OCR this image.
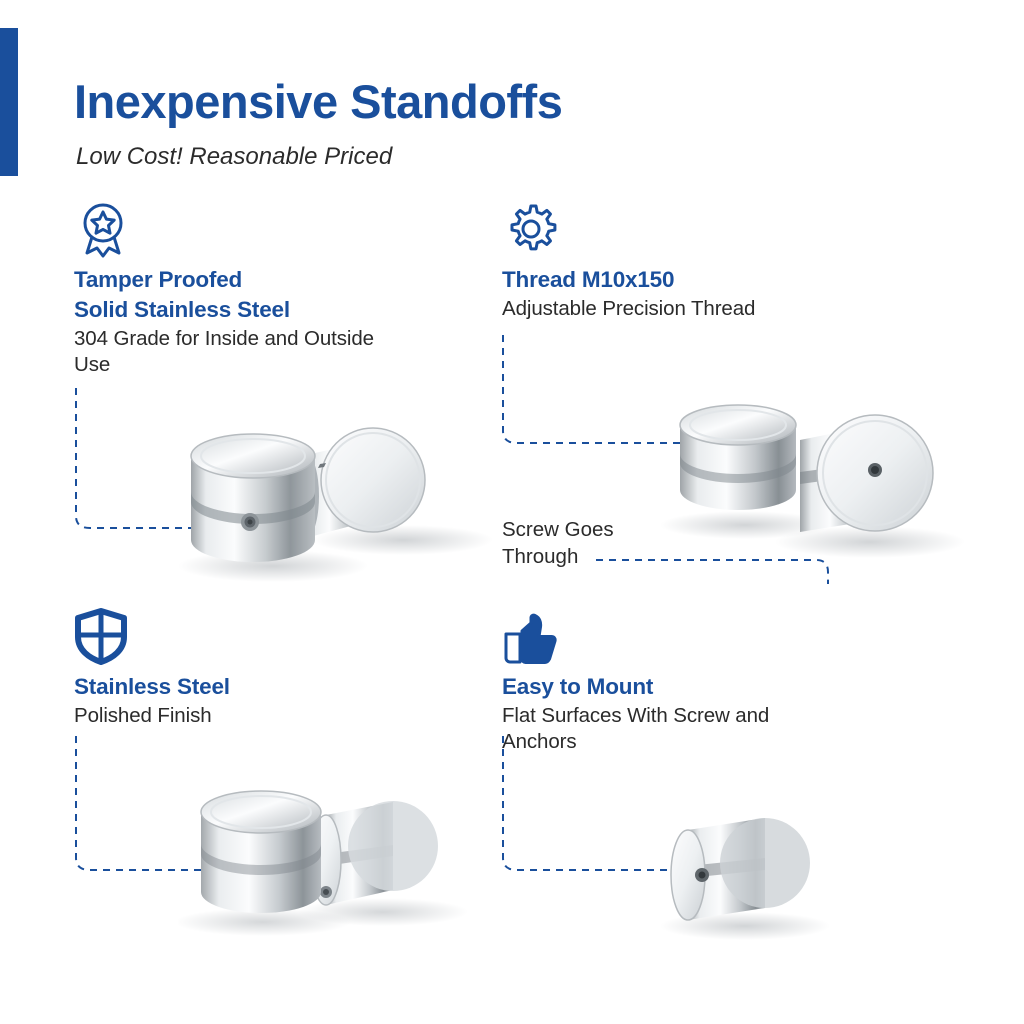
Inexpensive Standoffs
Low Cost! Reasonable Priced

Tamper Proofed

Solid Stainless Steel

304 Grade for Inside and Outside Use

Thread M10x150

Adjustable Precision Thread

Screw Goes
Through

Stainless Steel

Polished Finish

Easy to Mount

Flat Surfaces With Screw and Anchors
